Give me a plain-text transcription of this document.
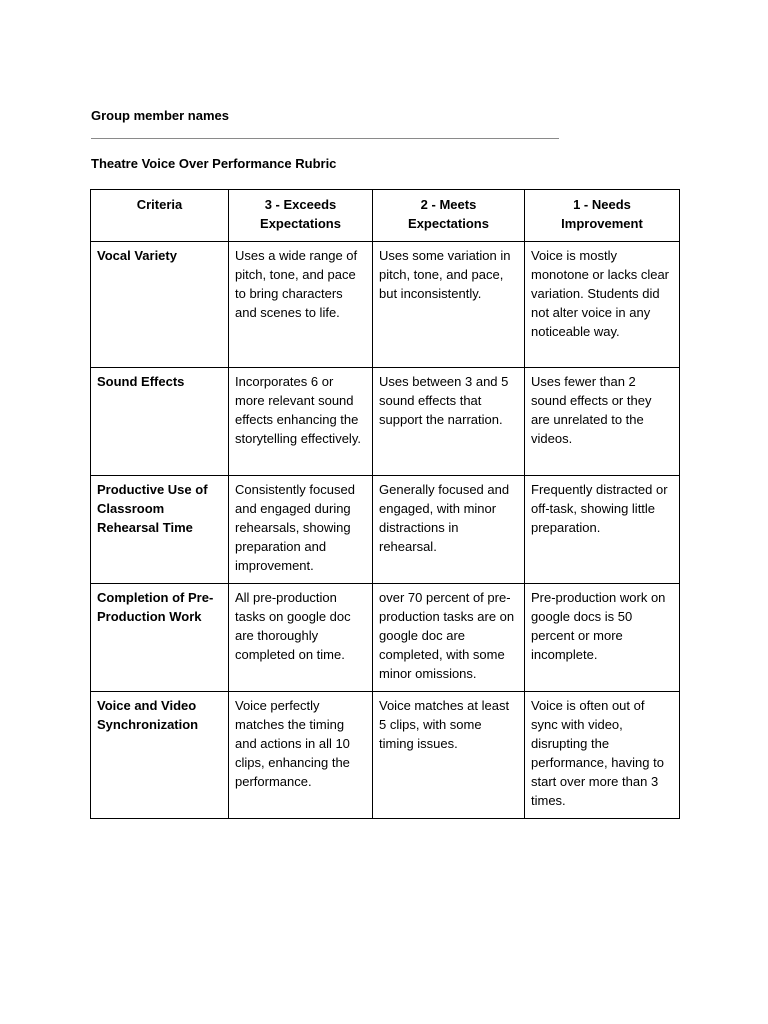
Group member names
Theatre Voice Over Performance Rubric
Criteria	3 - Exceeds Expectations	2 - Meets Expectations	1 - Needs Improvement
Vocal Variety	Uses a wide range of pitch, tone, and pace to bring characters and scenes to life.	Uses some variation in pitch, tone, and pace, but inconsistently.	Voice is mostly monotone or lacks clear variation. Students did not alter voice in any noticeable way.
Sound Effects	Incorporates 6 or more relevant sound effects enhancing the storytelling effectively.	Uses between 3 and 5 sound effects that support the narration.	Uses fewer than 2 sound effects or they are unrelated to the videos.
Productive Use of Classroom Rehearsal Time	Consistently focused and engaged during rehearsals, showing preparation and improvement.	Generally focused and engaged, with minor distractions in rehearsal.	Frequently distracted or off-task, showing little preparation.
Completion of Pre-Production Work	All pre-production tasks on google doc are thoroughly completed on time.	over 70 percent of pre-production tasks are on google doc are completed, with some minor omissions.	Pre-production work on google docs is 50 percent or more incomplete.
Voice and Video Synchronization	Voice perfectly matches the timing and actions in all 10 clips, enhancing the performance.	Voice matches at least 5 clips, with some timing issues.	Voice is often out of sync with video, disrupting the performance, having to start over more than 3 times.
